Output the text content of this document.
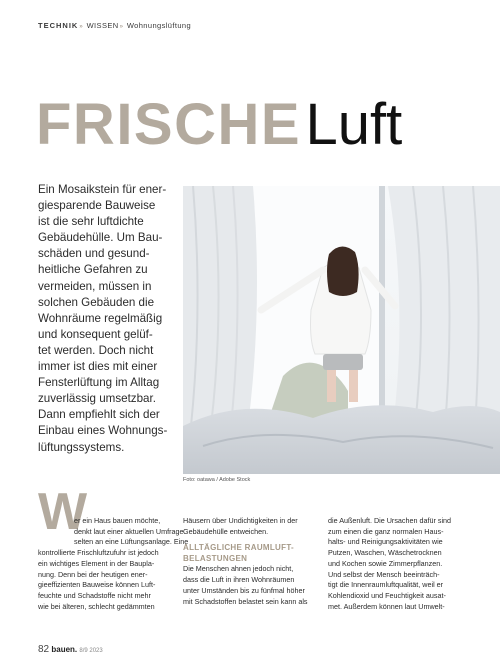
TECHNIK» WISSEN» Wohnungslüftung
FRISCHE Luft
Ein Mosaikstein für ener-
giesparende Bauweise
ist die sehr luftdichte
Gebäudehülle. Um Bau-
schäden und gesund-
heitliche Gefahren zu
vermeiden, müssen in
solchen Gebäuden die
Wohnräume regelmäßig
und konsequent gelüf-
tet werden. Doch nicht
immer ist dies mit einer
Fensterlüftung im Alltag
zuverlässig umsetzbar.
Dann empfiehlt sich der
Einbau eines Wohnungs-
lüftungssystems.
Foto: oatawa / Adobe Stock
W
er ein Haus bauen möchte,
denkt laut einer aktuellen Umfrage
selten an eine Lüftungsanlage. Eine
kontrollierte Frischluftzufuhr ist jedoch
ein wichtiges Element in der Baupla-
nung. Denn bei der heutigen ener-
gieeffizienten Bauweise können Luft-
feuchte und Schadstoffe nicht mehr
wie bei älteren, schlecht gedämmten
Häusern über Undichtigkeiten in der
Gebäudehülle entweichen.
ALLTÄGLICHE RAUMLUFT-
BELASTUNGEN
Die Menschen ahnen jedoch nicht,
dass die Luft in ihren Wohnräumen
unter Umständen bis zu fünfmal höher
mit Schadstoffen belastet sein kann als
die Außenluft. Die Ursachen dafür sind
zum einen die ganz normalen Haus-
halts- und Reinigungsaktivitäten wie
Putzen, Waschen, Wäschetrocknen
und Kochen sowie Zimmerpflanzen.
Und selbst der Mensch beeinträch-
tigt die Innenraumluftqualität, weil er
Kohlendioxid und Feuchtigkeit ausat-
met. Außerdem können laut Umwelt-
82 bauen. 8/9 2023
